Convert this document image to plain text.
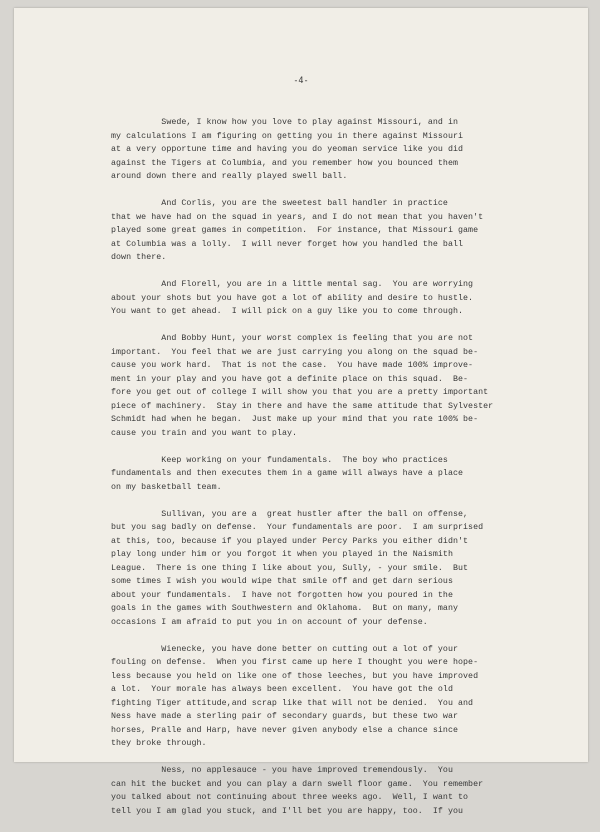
-4-
Swede, I know how you love to play against Missouri, and in
my calculations I am figuring on getting you in there against Missouri
at a very opportune time and having you do yeoman service like you did
against the Tigers at Columbia, and you remember how you bounced them
around down there and really played swell ball.
And Corlis, you are the sweetest ball handler in practice
that we have had on the squad in years, and I do not mean that you haven't
played some great games in competition.  For instance, that Missouri game
at Columbia was a lolly.  I will never forget how you handled the ball
down there.
And Florell, you are in a little mental sag.  You are worrying
about your shots but you have got a lot of ability and desire to hustle.
You want to get ahead.  I will pick on a guy like you to come through.
And Bobby Hunt, your worst complex is feeling that you are not
important.  You feel that we are just carrying you along on the squad be-
cause you work hard.  That is not the case.  You have made 100% improve-
ment in your play and you have got a definite place on this squad.  Be-
fore you get out of college I will show you that you are a pretty important
piece of machinery.  Stay in there and have the same attitude that Sylvester
Schmidt had when he began.  Just make up your mind that you rate 100% be-
cause you train and you want to play.
Keep working on your fundamentals.  The boy who practices
fundamentals and then executes them in a game will always have a place
on my basketball team.
Sullivan, you are a  great hustler after the ball on offense,
but you sag badly on defense.  Your fundamentals are poor.  I am surprised
at this, too, because if you played under Percy Parks you either didn't
play long under him or you forgot it when you played in the Naismith
League.  There is one thing I like about you, Sully, - your smile.  But
some times I wish you would wipe that smile off and get darn serious
about your fundamentals.  I have not forgotten how you poured in the
goals in the games with Southwestern and Oklahoma.  But on many, many
occasions I am afraid to put you in on account of your defense.
Wienecke, you have done better on cutting out a lot of your
fouling on defense.  When you first came up here I thought you were hope-
less because you held on like one of those leeches, but you have improved
a lot.  Your morale has always been excellent.  You have got the old
fighting Tiger attitude,and scrap like that will not be denied.  You and
Ness have made a sterling pair of secondary guards, but these two war
horses, Pralle and Harp, have never given anybody else a chance since
they broke through.
Ness, no applesauce - you have improved tremendously.  You
can hit the bucket and you can play a darn swell floor game.  You remember
you talked about not continuing about three weeks ago.  Well, I want to
tell you I am glad you stuck, and I'll bet you are happy, too.  If you
